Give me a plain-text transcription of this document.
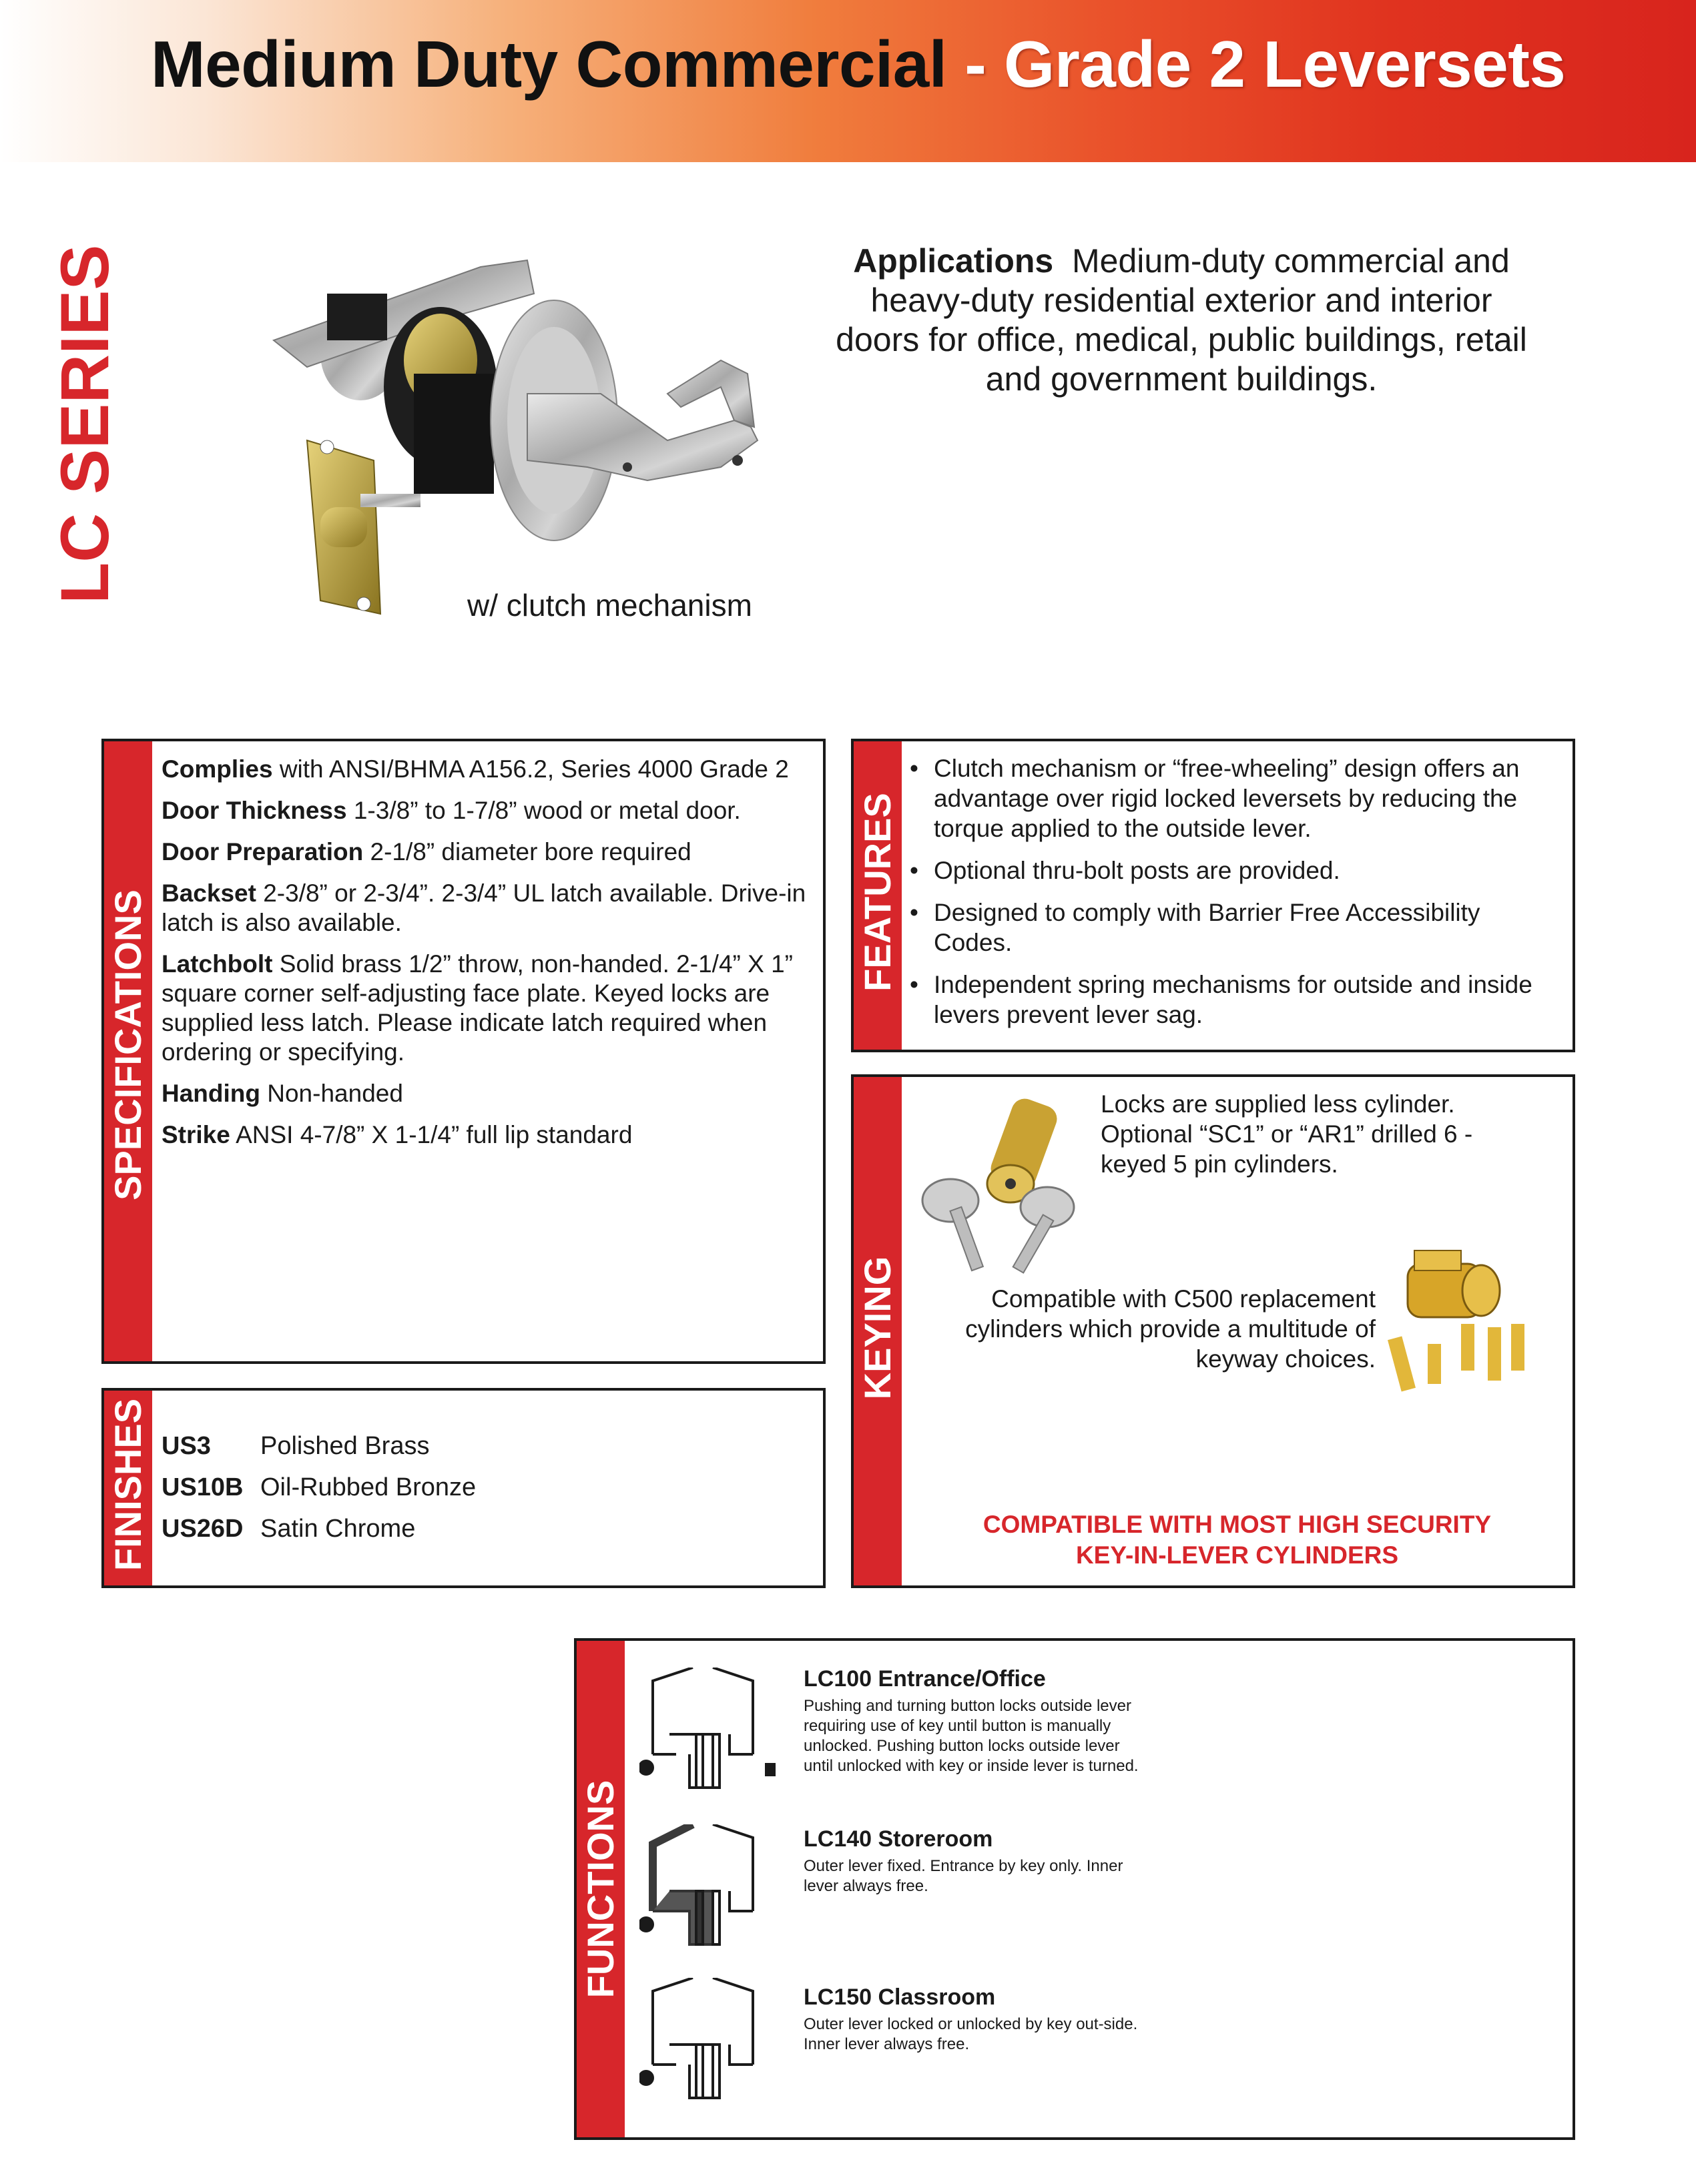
Medium Duty Commercial - Grade 2 Leversets
LC SERIES
w/ clutch mechanism
Applications Medium-duty commercial and heavy-duty residential exterior and interior doors for office, medical, public buildings, retail and government buildings.
SPECIFICATIONS
Complies with ANSI/BHMA A156.2, Series 4000 Grade 2
Door Thickness 1-3/8” to 1-7/8” wood or metal door.
Door Preparation 2-1/8” diameter bore required
Backset 2-3/8” or 2-3/4”. 2-3/4” UL latch available. Drive-in latch is also available.
Latchbolt Solid brass 1/2” throw, non-handed. 2-1/4” X 1” square corner self-adjusting face plate. Keyed locks are supplied less latch. Please indicate latch required when ordering or specifying.
Handing Non-handed
Strike ANSI 4-7/8” X 1-1/4” full lip standard
FINISHES US3 Polished Brass
US10B Oil-Rubbed Bronze
US26D Satin Chrome
FEATURES
• Clutch mechanism or “free-wheeling” design offers an advantage over rigid locked leversets by reducing the torque applied to the outside lever.
• Optional thru-bolt posts are provided.
• Designed to comply with Barrier Free Accessibility Codes.
• Independent spring mechanisms for outside and inside levers prevent lever sag.
KEYING
Locks are supplied less cylinder. Optional “SC1” or “AR1” drilled 6 - keyed 5 pin cylinders.
Compatible with C500 replacement cylinders which provide a multitude of keyway choices.
COMPATIBLE WITH MOST HIGH SECURITY
KEY-IN-LEVER CYLINDERS
FUNCTIONS
LC100 Entrance/Office
Pushing and turning button locks outside lever requiring use of key until button is manually unlocked. Pushing button locks outside lever until unlocked with key or inside lever is turned.
LC140 Storeroom
Outer lever fixed. Entrance by key only. Inner lever always free.
LC150 Classroom
Outer lever locked or unlocked by key out-side. Inner lever always free.
